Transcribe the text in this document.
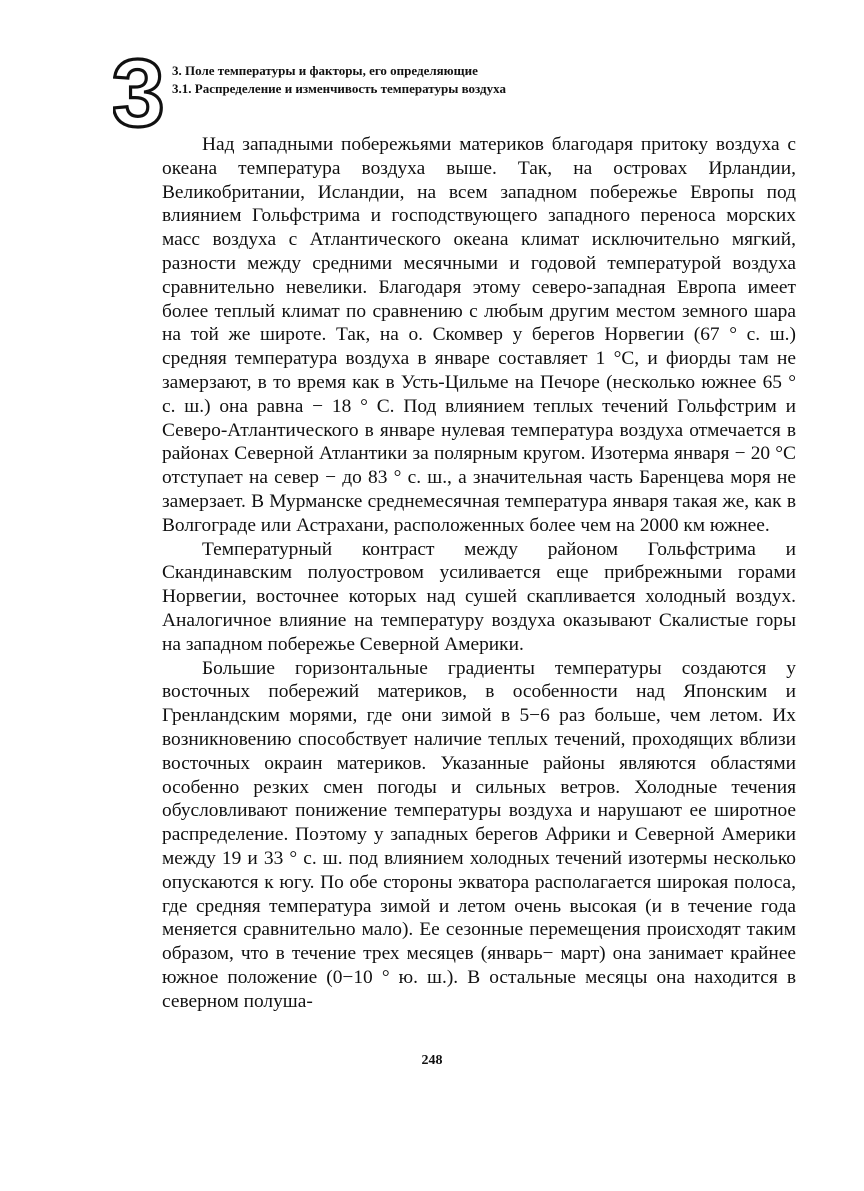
3 3. Поле температуры и факторы, его определяющие
3.1. Распределение и изменчивость температуры воздуха

Над западными побережьями материков благодаря притоку воздуха с океана температура воздуха выше. Так, на островах Ирландии, Великобритании, Исландии, на всем западном побережье Европы под влиянием Гольфстрима и господствующего западного переноса морских масс воздуха с Атлантического океана климат исключительно мягкий, разности между средними месячными и годовой температурой воздуха сравнительно невелики. Благодаря этому северо-западная Европа имеет более теплый климат по сравнению с любым другим местом земного шара на той же широте. Так, на о. Скомвер у берегов Норвегии (67 ° с. ш.) средняя температура воздуха в январе составляет 1 °С, и фиорды там не замерзают, в то время как в Усть-Цильме на Печоре (несколько южнее 65 ° с. ш.) она равна − 18 ° С. Под влиянием теплых течений Гольфстрим и Северо-Атлантического в январе нулевая температура воздуха отмечается в районах Северной Атлантики за полярным кругом. Изотерма января − 20 °С отступает на север − до 83 ° с. ш., а значительная часть Баренцева моря не замерзает. В Мурманске среднемесячная температура января такая же, как в Волгограде или Астрахани, расположенных более чем на 2000 км южнее.

Температурный контраст между районом Гольфстрима и Скандинавским полуостровом усиливается еще прибрежными горами Норвегии, восточнее которых над сушей скапливается холодный воздух. Аналогичное влияние на температуру воздуха оказывают Скалистые горы на западном побережье Северной Америки.

Большие горизонтальные градиенты температуры создаются у восточных побережий материков, в особенности над Японским и Гренландским морями, где они зимой в 5−6 раз больше, чем летом. Их возникновению способствует наличие теплых течений, проходящих вблизи восточных окраин материков. Указанные районы являются областями особенно резких смен погоды и сильных ветров. Холодные течения обусловливают понижение температуры воздуха и нарушают ее широтное распределение. Поэтому у западных берегов Африки и Северной Америки между 19 и 33 ° с. ш. под влиянием холодных течений изотермы несколько опускаются к югу. По обе стороны экватора располагается широкая полоса, где средняя температура зимой и летом очень высокая (и в течение года меняется сравнительно мало). Ее сезонные перемещения происходят таким образом, что в течение трех месяцев (январь− март) она занимает крайнее южное положение (0−10 ° ю. ш.). В остальные месяцы она находится в северном полуша-

248
